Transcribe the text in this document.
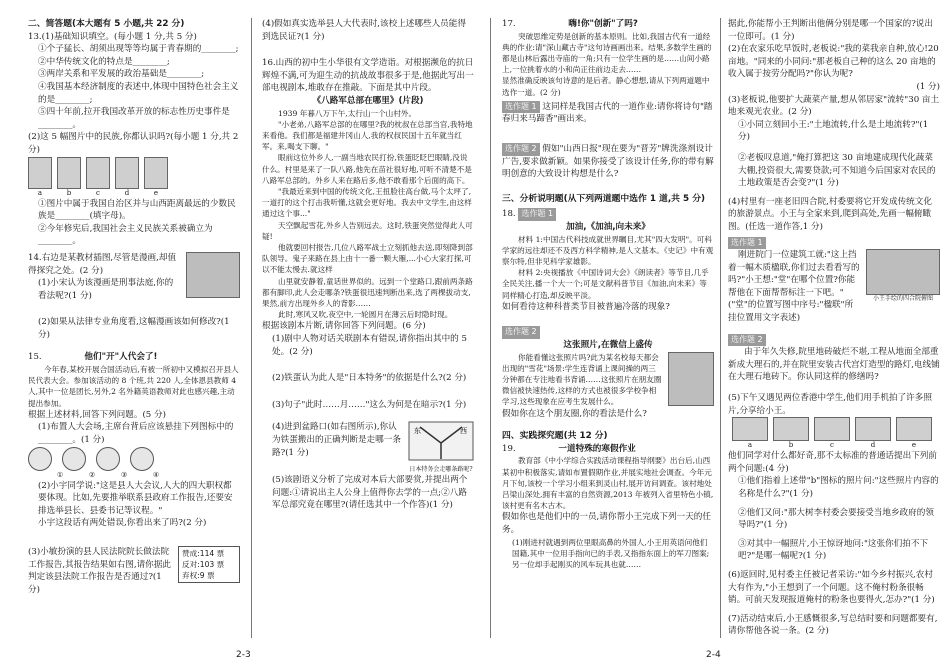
二、简答题(本大题有 5 小题,共 22 分)

13.(1)基础知识填空。(每小题 1 分,共 5 分)

①个子猛长、胡须出现等等均属于青春期的________;

②中华传统文化的特点是________;

③两岸关系和平发展的政治基础是________;

④我国基本经济制度的表述中,体现中国特色社会主义的是________;

⑤四十年前,拉开我国改革开放的标志性历史事件是________。

(2)这 5 幅图片中的民族,你都认识吗?(每小题 1 分,共 2 分)

a	b	c	d	e

①图片中属于我国自治区并与山西距离最远的少数民族是________(填字母)。

②今年修宪后,我国社会主义民族关系被确立为________。

14.右边是某教材插图,尽管是漫画,却值得探究之处。(2 分)

(1)小宋认为该漫画是刑事法庭,你的看法呢?(1 分)

(2)如果从法律专业角度看,这幅漫画该如何修改?(1 分)

15.	他们"开"人代会了!

今年春,某校开展合国活动后,有被一所初中又模拟召开县人民代表大会。参加该活动的 8 个班,共 220 人,全体恩县教师 4 人,其中一位是团长,另外,2 名外籍英语教师对此也感兴趣,主动提出参加。

根据上述材料,回答下列问题。(5 分)

(1)布置人大会场,主席台背后应该悬挂下列图标中的________。(1 分)

①	②	③	④

(2)小宇同学说:"这是县人大会议,人大的四大职权都要体现。比如,先要推举联系县政府工作报告,还要安排选举县长、县委书记等议程。"

小宇这段话有两处错误,你看出来了吗?(2 分)

(3)小敏扮演的县人民法院院长做法院工作报告,其报告结果如右图,请你据此判定该县法院工作报告是否通过?(1 分)

赞成:114 票
反对:103 票
弃权:9 票

(4)假如真实选举县人大代表时,该校上述哪些人员能得到选民证?(1 分)

16.山西的初中生小华很有文学造诣。对根据濒危的抗日辉煌不满,可为迎生动的抗战故事很多于是,他据此写出一部电视剧本,堆敢存在推敲。下面是其中片段。

《八路军总部在哪里》(片段)

1939 年暮八万下午,太行山一个山村外。

"小老弟,八路军总部的在哪里?我的枕叔在总部当官,我特地来看他。我们都是福建井冈山人,我的权叔民国十五年就当红军。来,喝支下聊。"

眼前这位外乡人,一副当地农民打扮,铁蛋眨眨巴眼睛,没说什么。村里是来了一队八路,他先在苗社很好地,可听不清楚不是八路军总部的。外乡人来在路后多,他不敢看那个后面的高下。

"我最近来到中国的传统文化,王扭脸往高台做,马个太坪了,一道打的这个打击我听懂,这就会更好地。我去中文学生,由这样通过这个事..."

天空飘起雪花,外乡人告别远去。这时,铁蛋突然觉得此人可疑!

他就要回村报告,几位八路军战士立刻抓他去送,即刻降到部队领导。鬼子来路在县上由十一番一颗大雁,...小心大家打探,可以不能太慢去.就这样

山里就安静着,童话世界似的。远到一个堂路口,跟前两条路都有脚印,此人会走哪条?铁蛋很迅速判断出来,选了两棵拔动支,果然,前方出现外乡人的背影……

此时,寒风又吹,夜空中,一轮圆月在薄云后时隐时现。

根据该剧本片断,请你回答下列问题。(6 分)

(1)剧中人物对话关联剧本有错误,请你指出其中的 5 处。(2 分)

(2)铁蛋认为此人是"日本特务"的依据是什么?(2 分)

(3)句子"此时……月……"这么为何是在暗示?(1 分)

(4)进到盆路口(如右图所示),你认为铁蛋搬出的正确判断是走哪一条路?(1 分)

东	西
日本特务会走哪条路呢?

(5)该剧语义分析了完成对本后大部要赏,并提出两个问题:①请说出主人公身上值得你去学的一点;②八路军总部究竟在哪里?(请任选其中一个作答)(1 分)

17.	嗨!你"创新"了吗?

突破思维定势是创新的基本原则。比如,我国古代有一道经典的作业:请"深山藏古寺"这句诗画画出来。结果,多数学生画的都是山林后露出寺庙的一角;只有一位学生画的是……山间小路上,一位挑着水的小和尚正往前边走去……

显然准确反映该句诗意的是后者。静心想想,请从下列两道题中选作一道。(2 分)

选作题 1 这同样是我国古代的一道作业:请你将诗句"踏春归来马蹄香"画出来。

选作题 2 假如"山西日报"现在要为"晋芳"牌洗涤剂设计广告,要求做新颖。如果你接受了该设计任务,你的带有解明创意的大致设计构想是什么?

三、分析说明题(从下列两道题中选作 1 道,共 5 分)

18. 选作题 1

加油,《加油,向未来》

材料 1:中国古代科技成就世界瞩目,尤其"四大发明"。可科学家的远往却还不及西方科学精神,是人文基本。《史记》中有观察尔特,但非见科学家雄影。

材料 2:央视播放《中国诗词大会》《朗读者》等节目,几乎全民关注,播一个大一个;可是文献科普节目《加油,向未来》等同样精心打造,却反映平淡。

如何看待这种科普类节目被普遍冷落的现象?

选作题 2

这张照片,在微信上盛传

你能看懂这张照片吗?此为某名校每天都会出现的"雪花"场景:学生连背诵上课间操的两三分钟都在专注地看书背诵……这张照片在朋友圈微信被快速热传,这样的方式也被很多学校争相学习,这些现象在应考生发展什么。

假如你在这个朋友圈,你的看法是什么?

四、实践探究题(共 12 分)

19.	一道特殊的寒假作业

教育部《中小学综合实践活动课程指导纲要》出台后,山西某初中积极落实,请如布置假期作业,并展实地社会调查。今年元月下旬,该校一个学习小组来到灵山村,展开访问调查。该村地处吕梁山深处,拥有丰富的自然资源,2013 年被列入省里特色小镇,该村更有名木古木。

假如你也是他们中的一员,请你帮小王完成下列一天的任务。

(1)刚进村就遇到两位里眼高鼻的外国人,小王用英语问他们国籍,其中一位用手指向已的手表,又指指东面上的军刀图案;另一位却手起刚买的风车玩具也就……

据此,你能帮小王判断出他俩分别是哪一个国家的?说出一位即可。(1 分)

(2)在农家乐吃早饭时,老板说:"我的菜我亲自种,放心!20 亩地。"同来的小同问:"那老板自己种的这么 20 亩地的收入属于按劳分配吗?"你认为呢?

(1 分)

(3)老板说,他要扩大蔬菜产量,想从邻居家"流转"30 亩土地来观光农业。(2 分)

①小同立刻回小王:"土地流转,什么是土地流转?"(1 分)

②老板叹息道,"俺打算把这 30 亩地建成现代化蔬菜大棚,投资很大,需要贷款;可不知道今后国家对农民的土地政策是否会变?"(1 分)

(4)村里有一座老旧四合院,村委要将它开发成传统文化的旅游景点。小王与全家来到,爬到高处,先画一幅俯瞰图。(任选一道作答,1 分)

选作题 1

刚进院门一位建筑工就:"这上挡着一幅木质楹联,你们过去看看写的吗?"小王想:"堂"在哪个位置?你能帮他在下面帮帮标注一下吧。"("堂"的位置写图中序号:"楹联"所挂位置用文字表述)

小王手绘的四合院俯图

选作题 2

由于年久失修,院里地砖破烂不堪,工程从地面全部重新成大理石的,并在院里安装古代宫灯造型的路灯,电线铺在大理石地砖下。你认同这样的修缮吗?

(5)下午又遇见两位香港中学生,他们用手机拍了许多照片,分享给小王。

a	b	c	d	e

他们同学对什么都好奇,那不太标准的普通话提出下列前两个问题:(4 分)

①他们指着上述带"b"图标的照片问:"这些照片内容的名称是什么?"(1 分)

②他们又问:"那大树李村委会要接受当地乡政府的领导吗?"(1 分)

③对其中一幅照片,小王惊讶地问:"这张你们拍不下吧?"是哪一幅呢?(1 分)

(6)返回时,见村委主任被记者采访:"如今乡村振兴,农村大有作为,"小王想到了一个问题。这不俺村粉条很畅销。可前天发现报道俺村的粉条也要得火,怎办?"(1 分)

(7)活动结束后,小王感慨很多,写总结时要和问题都要有,请你帮他各说一条。(2 分)

2-3	2-4
